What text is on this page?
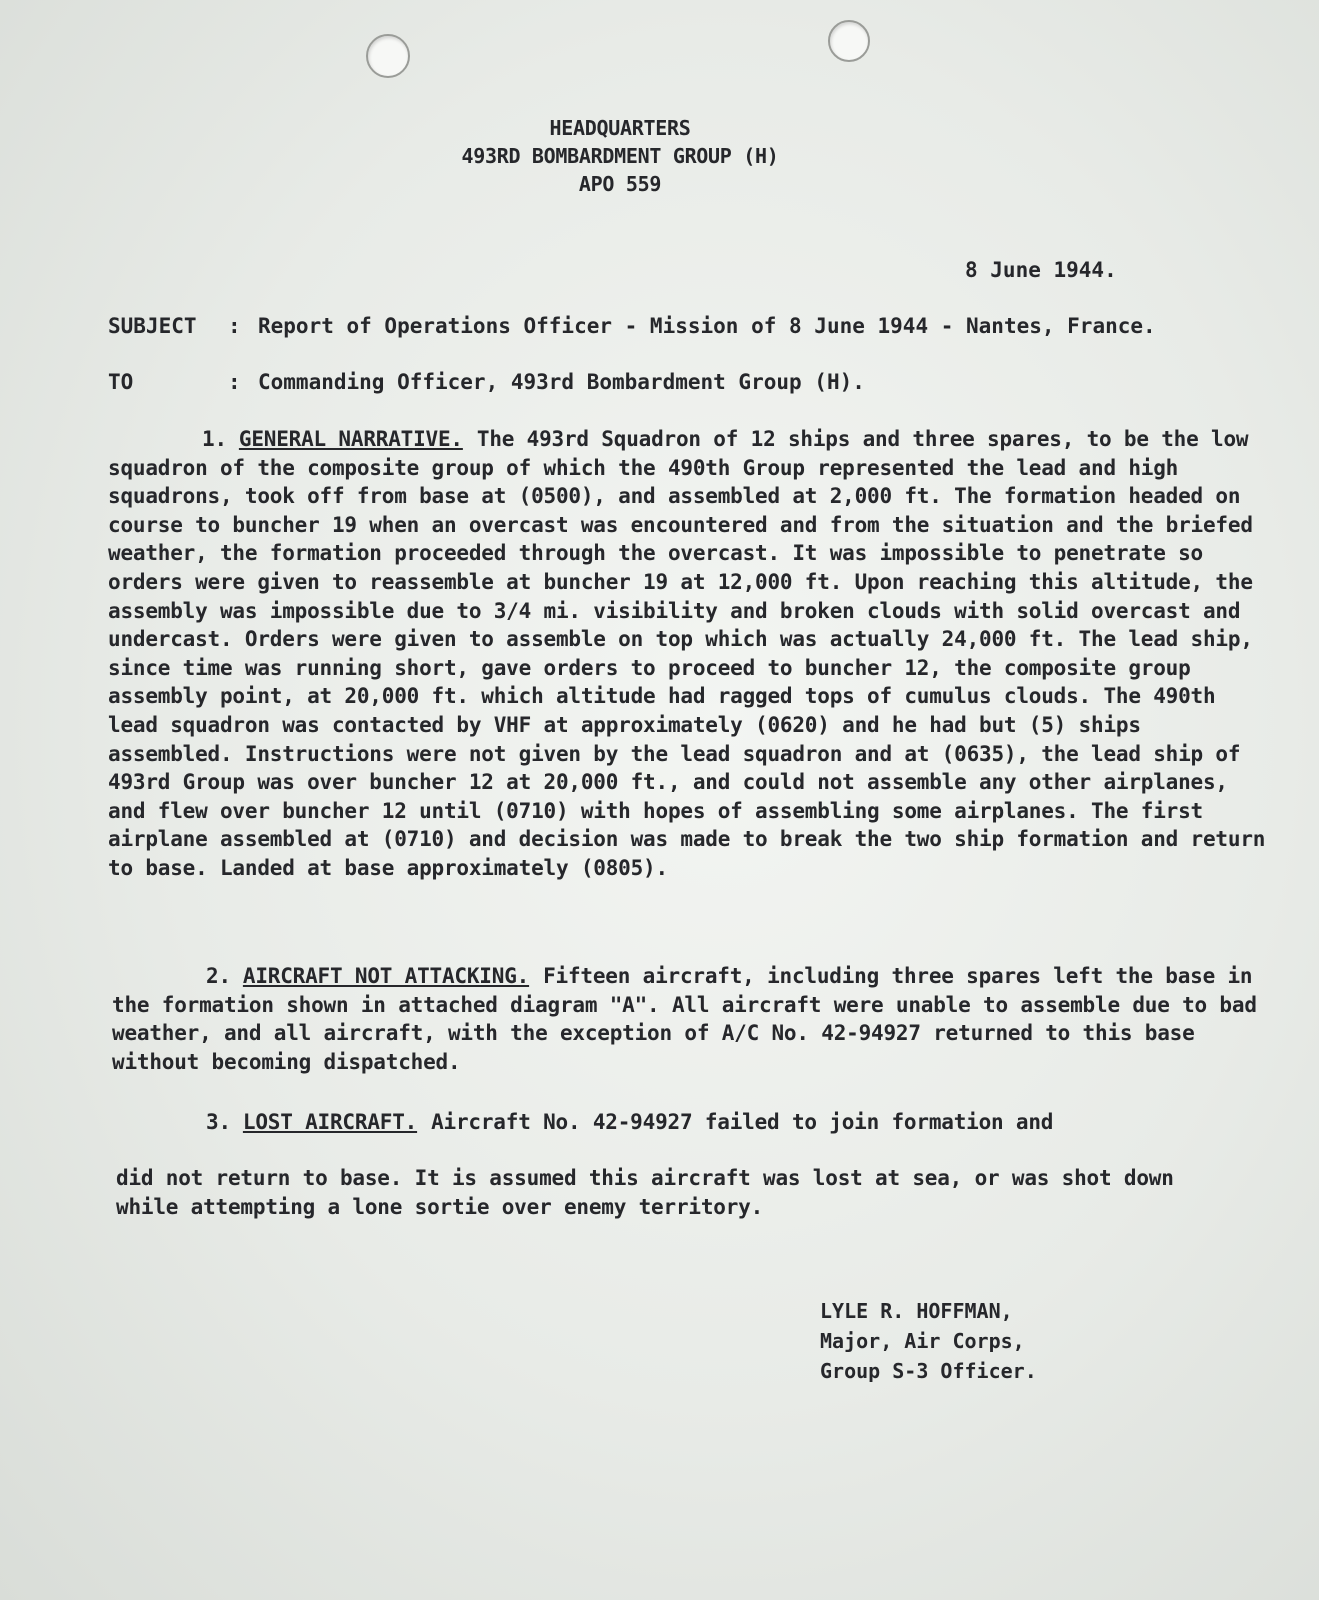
HEADQUARTERS
493RD BOMBARDMENT GROUP (H)
APO 559
8 June 1944.
SUBJECT : Report of Operations Officer - Mission of 8 June 1944 - Nantes, France.
TO	: Commanding Officer, 493rd Bombardment Group (H).
1. GENERAL NARRATIVE. The 493rd Squadron of 12 ships and three spares, to be the low squadron of the composite group of which the 490th Group represented the lead and high squadrons, took off from base at (0500), and assembled at 2,000 ft. The formation headed on course to buncher 19 when an overcast was encountered and from the situation and the briefed weather, the formation proceeded through the overcast. It was impossible to penetrate so orders were given to reassemble at buncher 19 at 12,000 ft. Upon reaching this altitude, the assembly was impossible due to 3/4 mi. visibility and broken clouds with solid overcast and undercast. Orders were given to assemble on top which was actually 24,000 ft. The lead ship, since time was running short, gave orders to proceed to buncher 12, the composite group assembly point, at 20,000 ft. which altitude had ragged tops of cumulus clouds. The 490th lead squadron was contacted by VHF at approximately (0620) and he had but (5) ships assembled. Instructions were not given by the lead squadron and at (0635), the lead ship of 493rd Group was over buncher 12 at 20,000 ft., and could not assemble any other airplanes, and flew over buncher 12 until (0710) with hopes of assembling some airplanes. The first airplane assembled at (0710) and decision was made to break the two ship formation and return to base. Landed at base approximately (0805).
2. AIRCRAFT NOT ATTACKING. Fifteen aircraft, including three spares left the base in the formation shown in attached diagram "A". All aircraft were unable to assemble due to bad weather, and all aircraft, with the exception of A/C No. 42-94927 returned to this base without becoming dispatched.
3. LOST AIRCRAFT. Aircraft No. 42-94927 failed to join formation and
did not return to base. It is assumed this aircraft was lost at sea, or was shot down while attempting a lone sortie over enemy territory.
LYLE R. HOFFMAN,
Major, Air Corps,
Group S-3 Officer.
